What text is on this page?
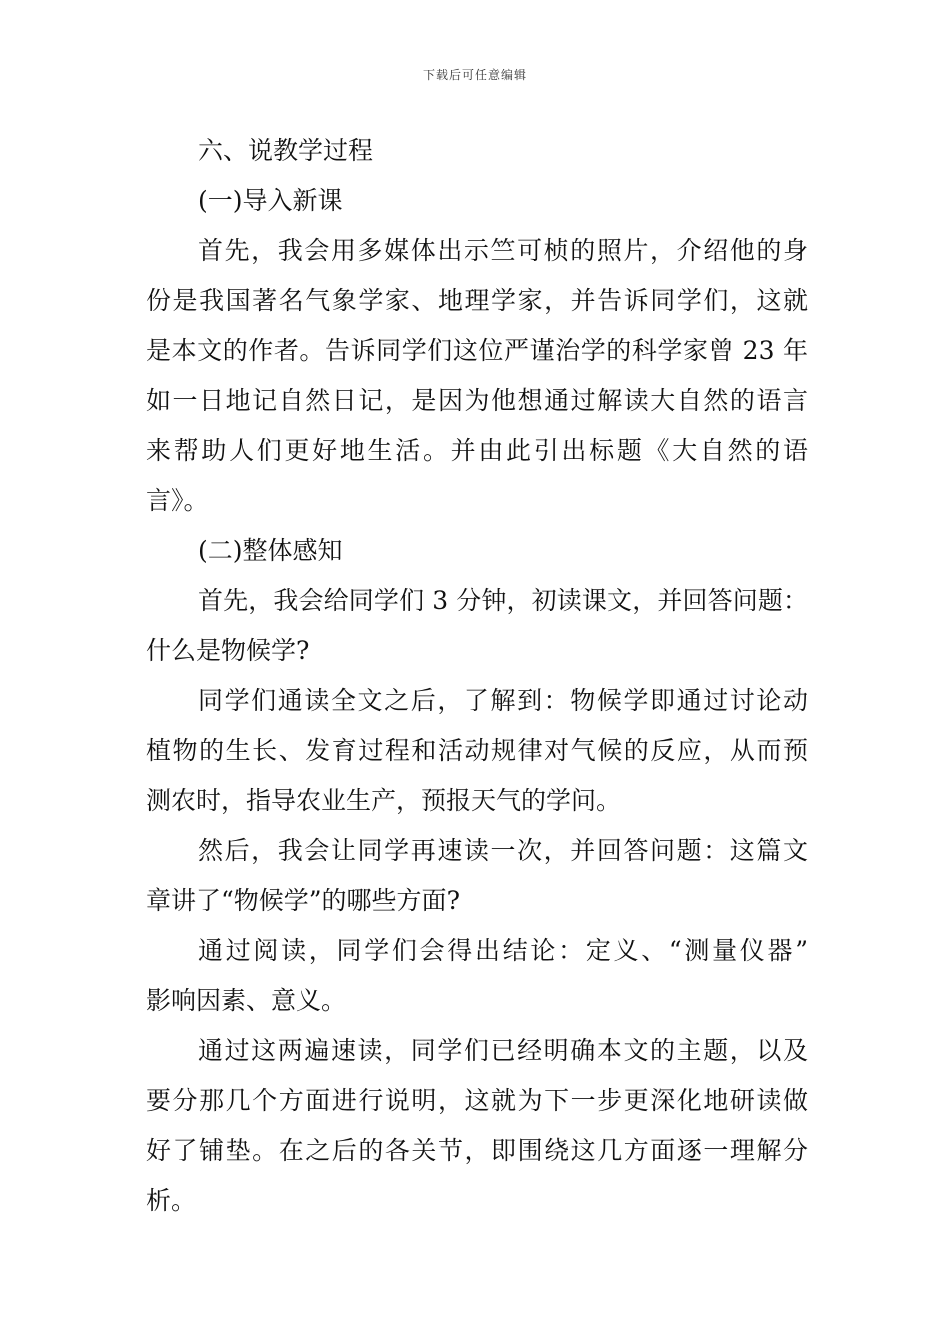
下载后可任意编辑
六、说教学过程
(一)导入新课
首先，我会用多媒体出示竺可桢的照片，介绍他的身
份是我国著名气象学家、地理学家，并告诉同学们，这就
是本文的作者。告诉同学们这位严谨治学的科学家曾 23 年
如一日地记自然日记，是因为他想通过解读大自然的语言
来帮助人们更好地生活。并由此引出标题《大自然的语
言》。
(二)整体感知
首先，我会给同学们 3 分钟，初读课文，并回答问题：
什么是物候学?
同学们通读全文之后，了解到：物候学即通过讨论动
植物的生长、发育过程和活动规律对气候的反应，从而预
测农时，指导农业生产，预报天气的学问。
然后，我会让同学再速读一次，并回答问题：这篇文
章讲了“物候学”的哪些方面?
通过阅读，同学们会得出结论：定义、“测量仪器”
影响因素、意义。
通过这两遍速读，同学们已经明确本文的主题，以及
要分那几个方面进行说明，这就为下一步更深化地研读做
好了铺垫。在之后的各关节，即围绕这几方面逐一理解分
析。
